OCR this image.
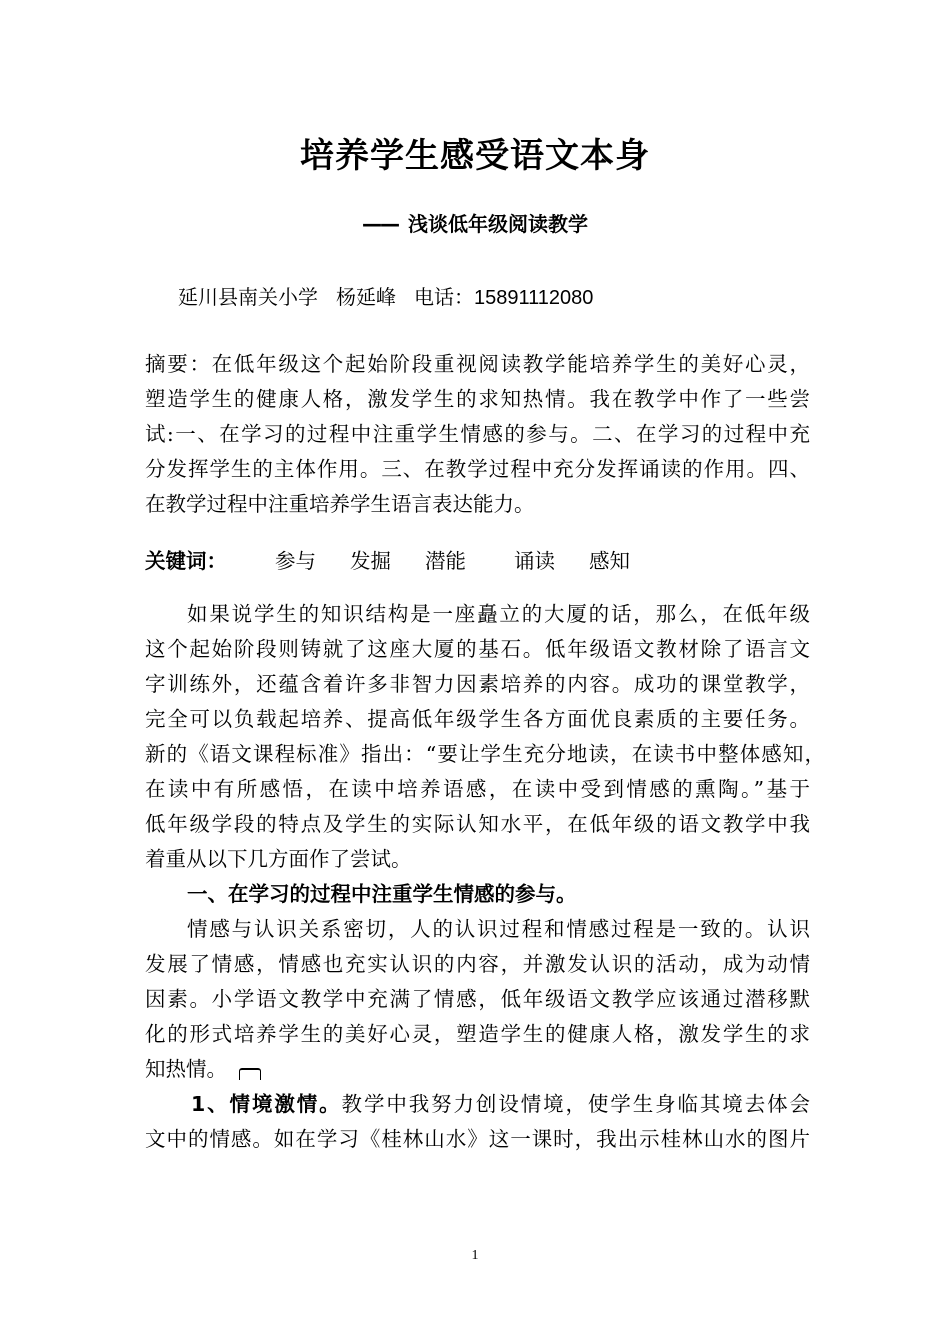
培养学生感受语文本身
—— 浅谈低年级阅读教学
延川县南关小学 杨延峰 电话：15891112080
摘要：在低年级这个起始阶段重视阅读教学能培养学生的美好心灵，
塑造学生的健康人格，激发学生的求知热情。我在教学中作了一些尝
试:一、在学习的过程中注重学生情感的参与。二、在学习的过程中充
分发挥学生的主体作用。三、在教学过程中充分发挥诵读的作用。四、
在教学过程中注重培养学生语言表达能力。
关键词： 参与 发掘 潜能 诵读 感知
如果说学生的知识结构是一座矗立的大厦的话，那么，在低年级
这个起始阶段则铸就了这座大厦的基石。低年级语文教材除了语言文
字训练外，还蕴含着许多非智力因素培养的内容。成功的课堂教学，
完全可以负载起培养、提高低年级学生各方面优良素质的主要任务。
新的《语文课程标准》指出：“要让学生充分地读，在读书中整体感知，
在读中有所感悟，在读中培养语感，在读中受到情感的熏陶。”基于
低年级学段的特点及学生的实际认知水平，在低年级的语文教学中我
着重从以下几方面作了尝试。
一、在学习的过程中注重学生情感的参与。
情感与认识关系密切，人的认识过程和情感过程是一致的。认识
发展了情感，情感也充实认识的内容，并激发认识的活动，成为动情
因素。小学语文教学中充满了情感，低年级语文教学应该通过潜移默
化的形式培养学生的美好心灵，塑造学生的健康人格，激发学生的求
知热情。
1、情境激情。教学中我努力创设情境，使学生身临其境去体会
文中的情感。如在学习《桂林山水》这一课时，我出示桂林山水的图片
1
